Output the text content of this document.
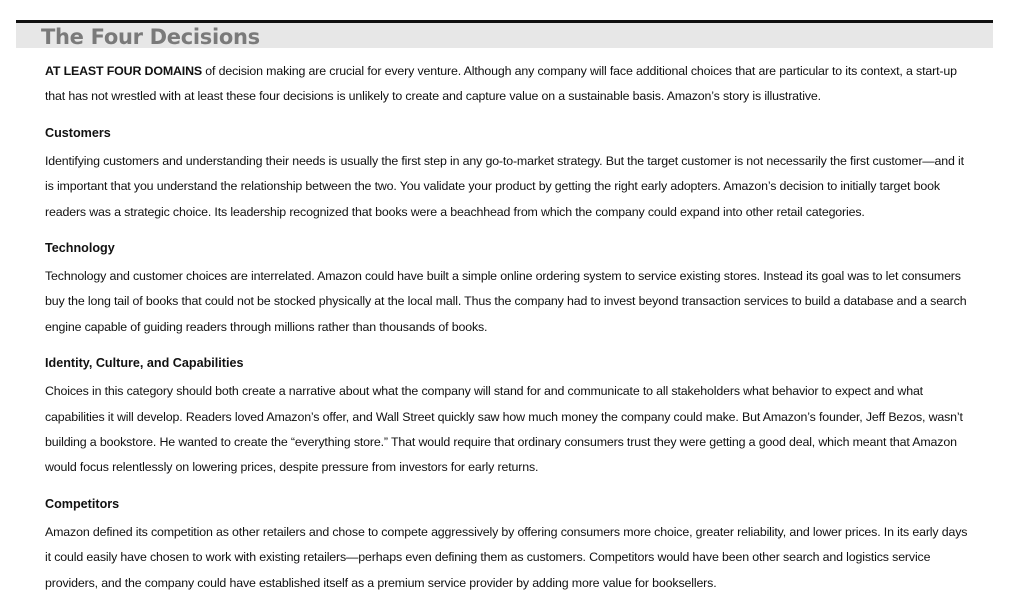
The Four Decisions

AT LEAST FOUR DOMAINS of decision making are crucial for every venture. Although any company will face additional choices that are particular to its context, a start-up that has not wrestled with at least these four decisions is unlikely to create and capture value on a sustainable basis. Amazon’s story is illustrative.

Customers

Identifying customers and understanding their needs is usually the first step in any go-to-market strategy. But the target customer is not necessarily the first customer—and it is important that you understand the relationship between the two. You validate your product by getting the right early adopters. Amazon’s decision to initially target book readers was a strategic choice. Its leadership recognized that books were a beachhead from which the company could expand into other retail categories.

Technology

Technology and customer choices are interrelated. Amazon could have built a simple online ordering system to service existing stores. Instead its goal was to let consumers buy the long tail of books that could not be stocked physically at the local mall. Thus the company had to invest beyond transaction services to build a database and a search engine capable of guiding readers through millions rather than thousands of books.

Identity, Culture, and Capabilities

Choices in this category should both create a narrative about what the company will stand for and communicate to all stakeholders what behavior to expect and what capabilities it will develop. Readers loved Amazon’s offer, and Wall Street quickly saw how much money the company could make. But Amazon’s founder, Jeff Bezos, wasn’t building a bookstore. He wanted to create the “everything store.” That would require that ordinary consumers trust they were getting a good deal, which meant that Amazon would focus relentlessly on lowering prices, despite pressure from investors for early returns.

Competitors

Amazon defined its competition as other retailers and chose to compete aggressively by offering consumers more choice, greater reliability, and lower prices. In its early days it could easily have chosen to work with existing retailers—perhaps even defining them as customers. Competitors would have been other search and logistics service providers, and the company could have established itself as a premium service provider by adding more value for booksellers.
